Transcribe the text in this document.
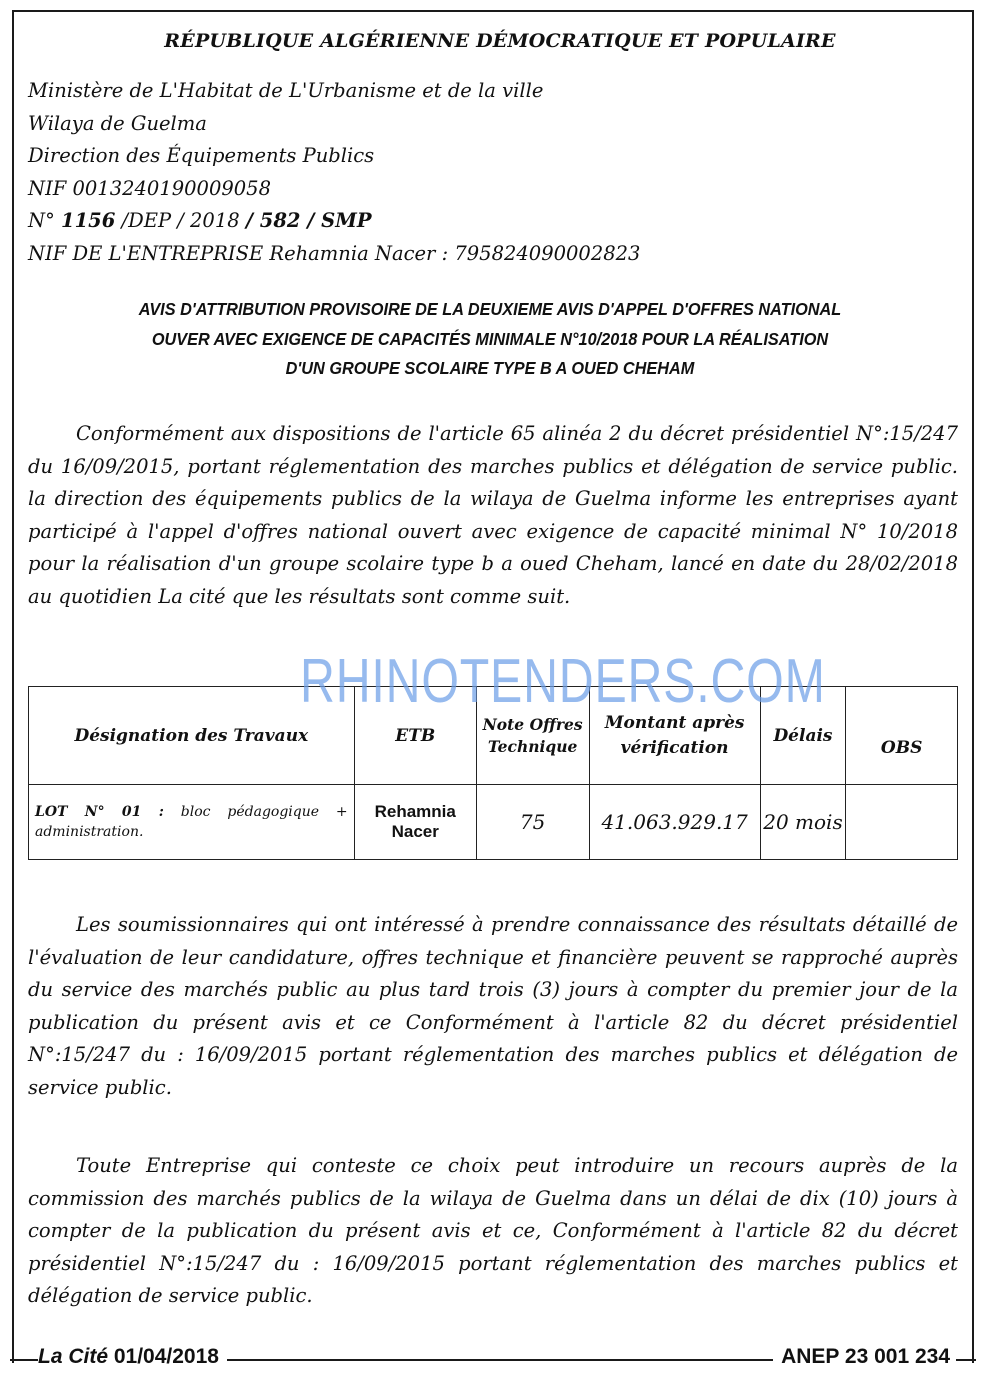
RÉPUBLIQUE ALGÉRIENNE DÉMOCRATIQUE ET POPULAIRE
Ministère de L'Habitat de L'Urbanisme et de la ville
Wilaya de Guelma
Direction des Équipements Publics
NIF 0013240190009058
N° 1156 /DEP / 2018 / 582 / SMP
NIF DE L'ENTREPRISE Rehamnia Nacer : 795824090002823
AVIS D'ATTRIBUTION PROVISOIRE DE LA DEUXIEME AVIS D'APPEL D'OFFRES NATIONAL
OUVER AVEC EXIGENCE DE CAPACITÉS MINIMALE N°10/2018 POUR LA RÉALISATION
D'UN GROUPE SCOLAIRE TYPE B A OUED CHEHAM
Conformément aux dispositions de l'article 65 alinéa 2 du décret présidentiel N°:15/247 du 16/09/2015, portant réglementation des marches publics et délégation de service public. la direction des équipements publics de la wilaya de Guelma informe les entreprises ayant participé à l'appel d'offres national ouvert avec exigence de capacité minimal N° 10/2018 pour la réalisation d'un groupe scolaire type b a oued Cheham, lancé en date du 28/02/2018 au quotidien La cité que les résultats sont comme suit.
Désignation des Travaux	ETB	Note Offres Technique	Montant après vérification	Délais	OBS
LOT N° 01 : bloc pédagogique + administration.	Rehamnia Nacer	75	41.063.929.17	20 mois	
RHINOTENDERS.COM
Les soumissionnaires qui ont intéressé à prendre connaissance des résultats détaillé de l'évaluation de leur candidature, offres technique et financière peuvent se rapproché auprès du service des marchés public au plus tard trois (3) jours à compter du premier jour de la publication du présent avis et ce Conformément à l'article 82 du décret présidentiel N°:15/247 du : 16/09/2015 portant réglementation des marches publics et délégation de service public.
Toute Entreprise qui conteste ce choix peut introduire un recours auprès de la commission des marchés publics de la wilaya de Guelma dans un délai de dix (10) jours à compter de la publication du présent avis et ce, Conformément à l'article 82 du décret présidentiel N°:15/247 du : 16/09/2015 portant réglementation des marches publics et délégation de service public.
La Cité 01/04/2018	ANEP 23 001 234
